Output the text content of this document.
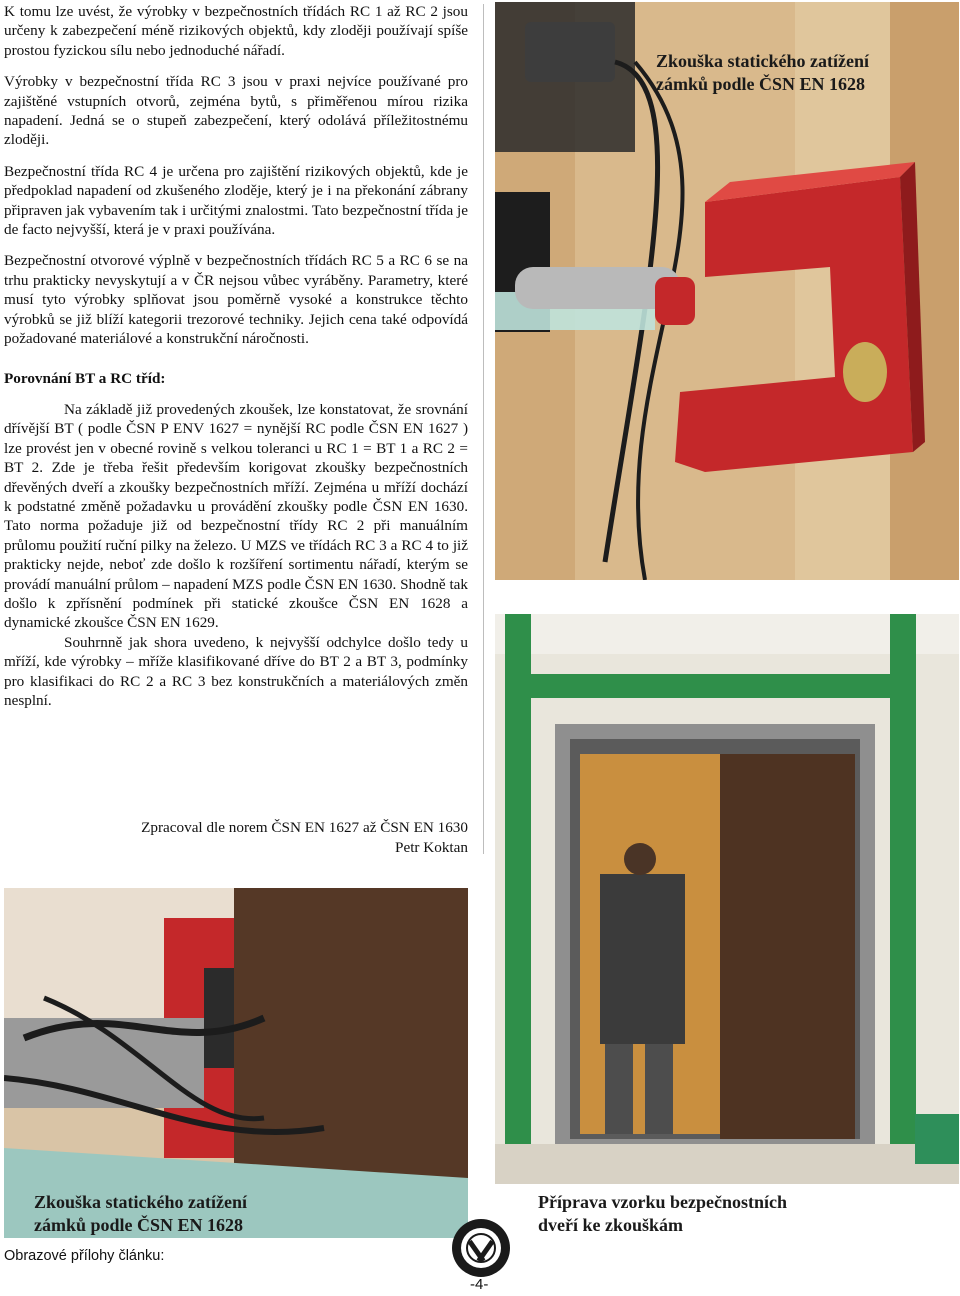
K tomu lze uvést, že výrobky v bezpečnostních třídách RC 1 až RC 2 jsou určeny k zabezpečení méně rizikových objektů, kdy zloději používají spíše prostou fyzickou sílu nebo jednoduché nářadí.

Výrobky v bezpečnostní třída RC 3 jsou v praxi nejvíce používané pro zajištěné vstupních otvorů, zejména bytů, s přiměřenou mírou rizika napadení. Jedná se o stupeň zabezpečení, který odolává příležitostnému zloději.

Bezpečnostní třída RC 4 je určena pro zajištění rizikových objektů, kde je předpoklad napadení od zkušeného zloděje, který je i na překonání zábrany připraven jak vybavením tak i určitými znalostmi. Tato bezpečnostní třída je de facto nejvyšší, která je v praxi používána.

Bezpečnostní otvorové výplně v bezpečnostních třídách RC 5 a RC 6 se na trhu prakticky nevyskytují a v ČR nejsou vůbec vyráběny. Parametry, které musí tyto výrobky splňovat jsou poměrně vysoké a konstrukce těchto výrobků se již blíží kategorii trezorové techniky. Jejich cena také odpovídá požadované materiálové a konstrukční náročnosti.

Porovnání BT a RC tříd:

Na základě již provedených zkoušek, lze konstatovat, že srovnání dřívější BT ( podle ČSN P ENV 1627 = nynější RC podle ČSN EN 1627 ) lze provést jen v obecné rovině s velkou toleranci u RC 1 = BT 1 a RC 2 = BT 2. Zde je třeba řešit především korigovat zkoušky bezpečnostních dřevěných dveří a zkoušky bezpečnostních mříží. Zejména u mříží dochází k podstatné změně požadavku u provádění zkoušky podle ČSN EN 1630. Tato norma požaduje již od bezpečnostní třídy RC 2 při manuálním průlomu použití ruční pilky na železo. U MZS ve třídách RC 3 a RC 4 to již prakticky nejde, neboť zde došlo k rozšíření sortimentu nářadí, kterým se provádí manuální průlom – napadení MZS podle ČSN EN 1630. Shodně tak došlo k zpřísnění podmínek při statické zkoušce ČSN EN 1628 a dynamické zkoušce ČSN EN 1629.

Souhrnně jak shora uvedeno, k nejvyšší odchylce došlo tedy u mříží, kde výrobky – mříže klasifikované dříve do BT 2 a BT 3, podmínky pro klasifikaci do RC 2 a RC 3 bez konstrukčních a materiálových změn nesplní.

Zpracoval dle norem ČSN EN 1627 až ČSN EN 1630
Petr Koktan
Zkouška statického zatížení
zámků podle ČSN EN 1628
Zkouška statického zatížení
zámků podle ČSN EN 1628
Příprava vzorku bezpečnostních
dveří ke zkouškám
Obrazové přílohy článku:
-4-
